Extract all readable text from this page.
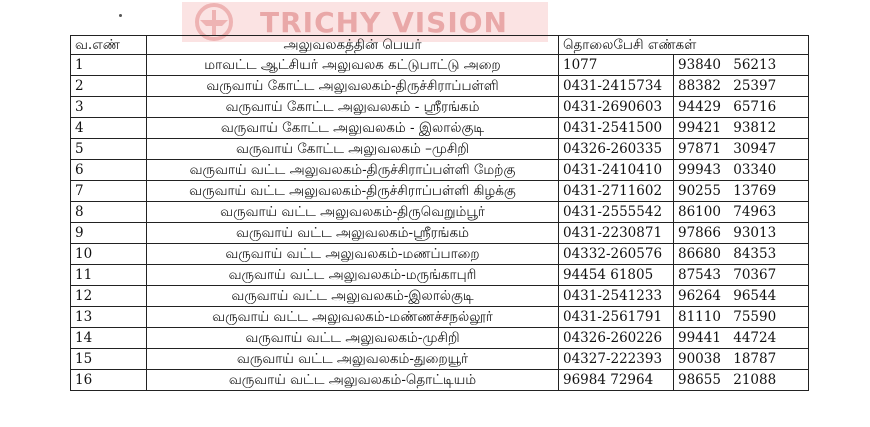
TRICHY VISION
வ.எண்	அலுவலகத்தின் பெயர்	தொலைபேசி எண்கள்	
1	மாவட்ட ஆட்சியர் அலுவலக கட்டுபாட்டு அறை	1077	93840 56213
2	வருவாய் கோட்ட அலுவலகம்-திருச்சிராப்பள்ளி	0431-2415734	88382 25397
3	வருவாய் கோட்ட அலுவலகம் - ஸ்ரீரங்கம்	0431-2690603	94429 65716
4	வருவாய் கோட்ட அலுவலகம் - இலால்குடி	0431-2541500	99421 93812
5	வருவாய் கோட்ட அலுவலகம் –முசிறி	04326-260335	97871 30947
6	வருவாய் வட்ட அலுவலகம்-திருச்சிராப்பள்ளி மேற்கு	0431-2410410	99943 03340
7	வருவாய் வட்ட அலுவலகம்-திருச்சிராப்பள்ளி கிழக்கு	0431-2711602	90255 13769
8	வருவாய் வட்ட அலுவலகம்-திருவெறும்பூர்	0431-2555542	86100 74963
9	வருவாய் வட்ட அலுவலகம்-ஸ்ரீரங்கம்	0431-2230871	97866 93013
10	வருவாய் வட்ட அலுவலகம்-மணப்பாறை	04332-260576	86680 84353
11	வருவாய் வட்ட அலுவலகம்-மருங்காபுரி	94454 61805	87543 70367
12	வருவாய் வட்ட அலுவலகம்-இலால்குடி	0431-2541233	96264 96544
13	வருவாய் வட்ட அலுவலகம்-மண்ணச்சநல்லூர்	0431-2561791	81110 75590
14	வருவாய் வட்ட அலுவலகம்-முசிறி	04326-260226	99441 44724
15	வருவாய் வட்ட அலுவலகம்-துறையூர்	04327-222393	90038 18787
16	வருவாய் வட்ட அலுவலகம்-தொட்டியம்	96984 72964	98655 21088
